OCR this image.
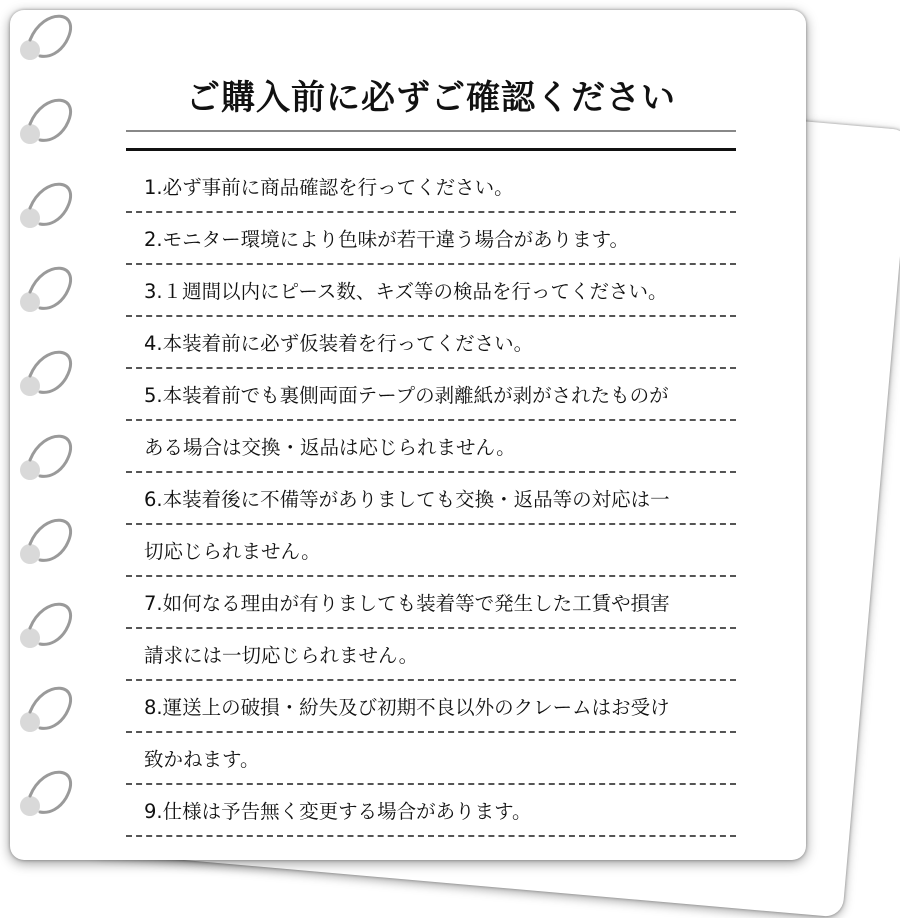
ご購入前に必ずご確認ください
1.必ず事前に商品確認を行ってください。
2.モニター環境により色味が若干違う場合があります。
3.１週間以内にピース数、キズ等の検品を行ってください。
4.本装着前に必ず仮装着を行ってください。
5.本装着前でも裏側両面テープの剥離紙が剥がされたものが
ある場合は交換・返品は応じられません。
6.本装着後に不備等がありましても交換・返品等の対応は一
切応じられません。
7.如何なる理由が有りましても装着等で発生した工賃や損害
請求には一切応じられません。
8.運送上の破損・紛失及び初期不良以外のクレームはお受け
致かねます。
9.仕様は予告無く変更する場合があります。
